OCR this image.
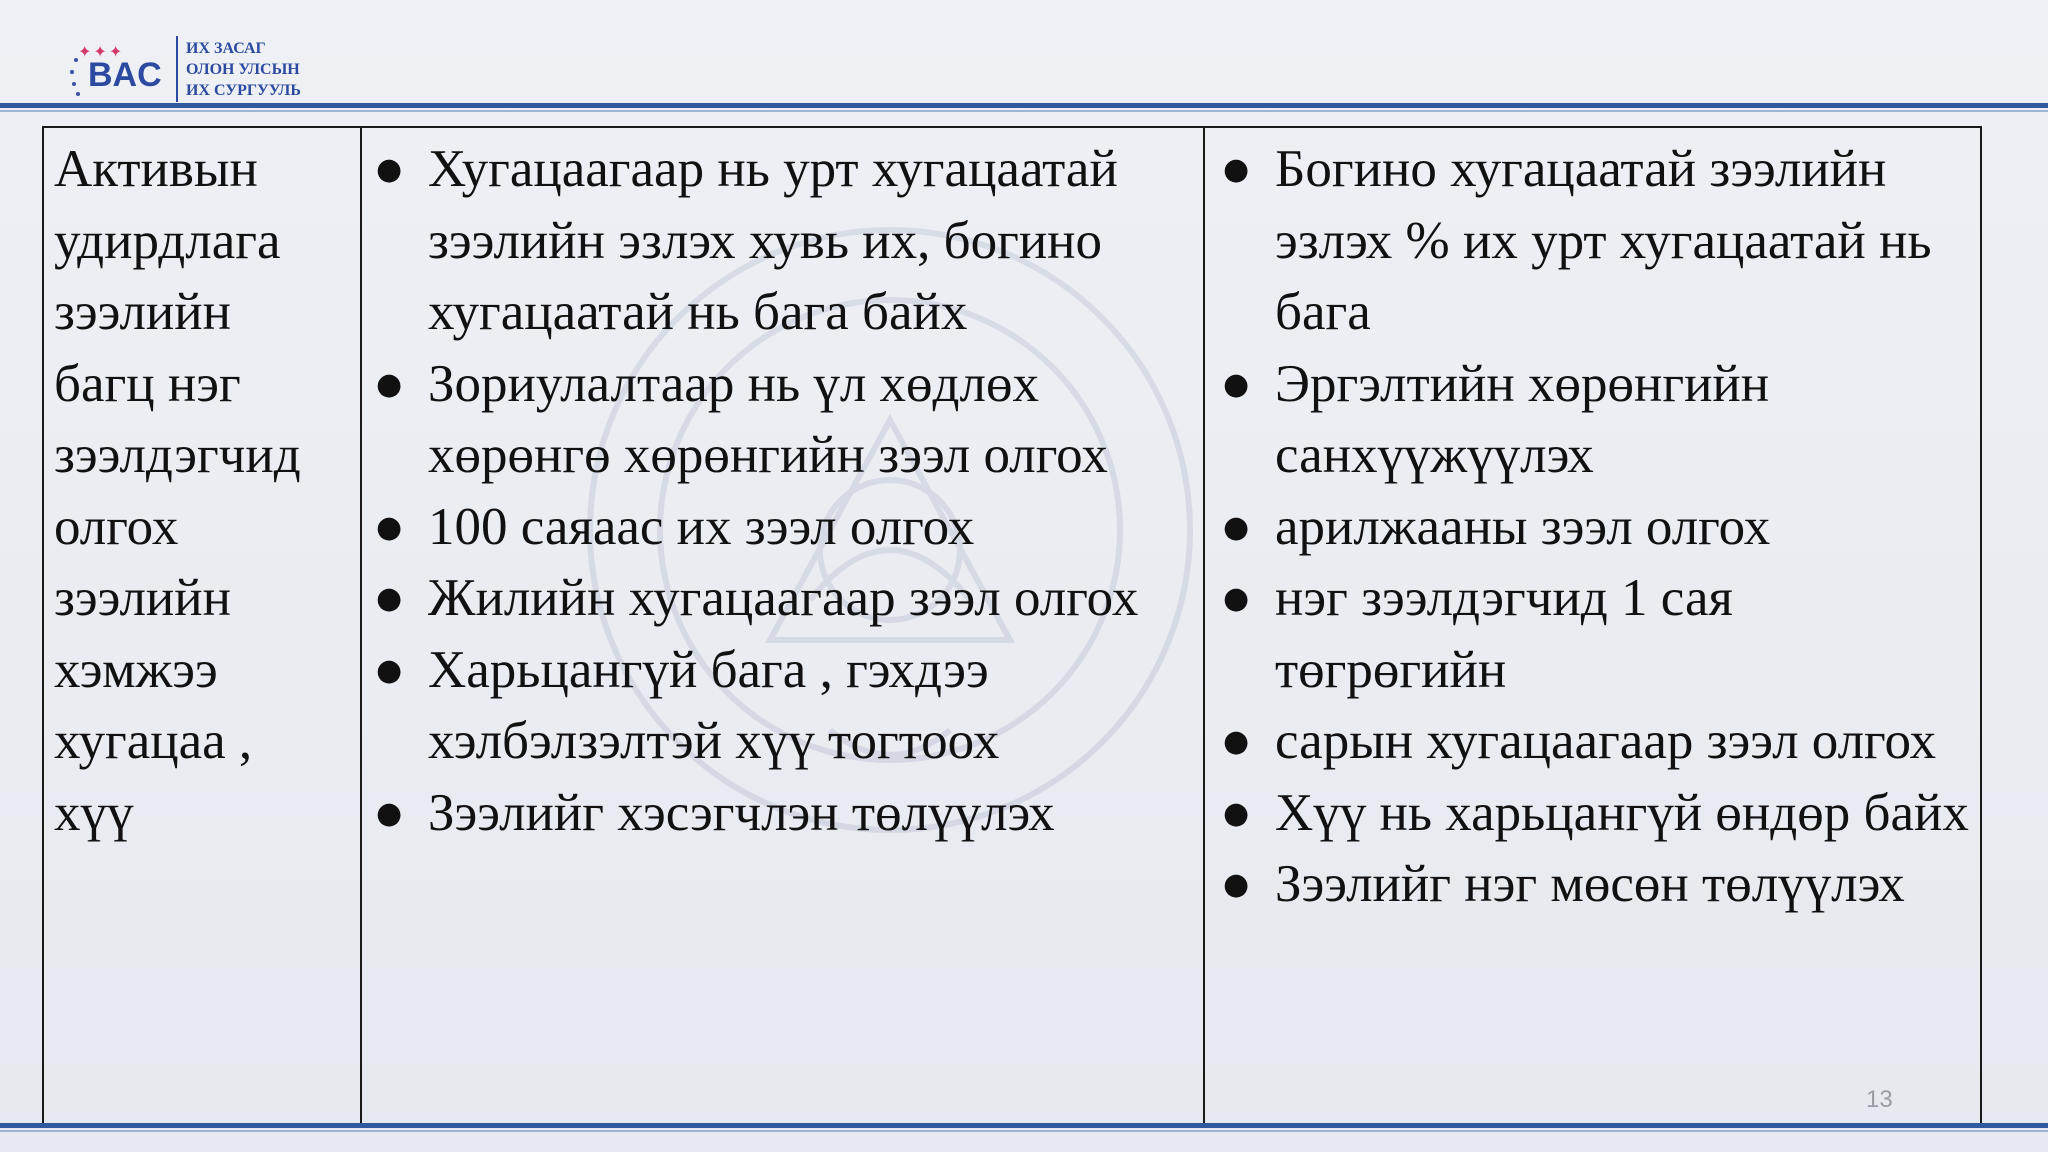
✦✦✦
BAC
ИХ ЗАСАГ
ОЛОН УЛСЫН
ИХ СУРГУУЛЬ
Активын
удирдлага
зээлийн
багц нэг
зээлдэгчид
олгох
зээлийн
хэмжээ
хугацаа ,
хүү
● Хугацаагаар нь урт хугацаатай зээлийн эзлэх хувь их, богино хугацаатай нь бага байх
● Зориулалтаар нь үл хөдлөх хөрөнгө хөрөнгийн зээл олгох
● 100 саяаас их зээл олгох
● Жилийн хугацаагаар зээл олгох
● Харьцангүй бага , гэхдээ хэлбэлзэлтэй хүү тогтоох
● Зээлийг хэсэгчлэн төлүүлэх
● Богино хугацаатай зээлийн эзлэх % их урт хугацаатай нь бага
● Эргэлтийн хөрөнгийн санхүүжүүлэх
● арилжааны зээл олгох
● нэг зээлдэгчид 1 сая төгрөгийн
● сарын хугацаагаар зээл олгох
● Хүү нь харьцангүй өндөр байх
● Зээлийг нэг мөсөн төлүүлэх
13
